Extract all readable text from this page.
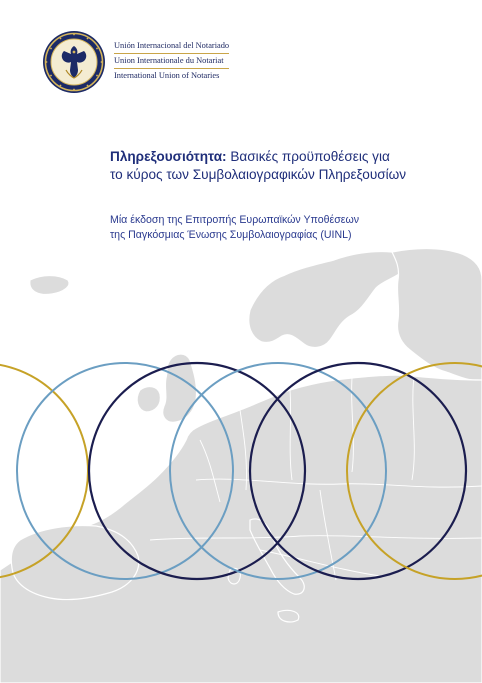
Unión Internacional del Notariado
Union Internationale du Notariat
International Union of Notaries
Πληρεξουσιότητα: Βασικές προϋποθέσεις για
το κύρος των Συμβολαιογραφικών Πληρεξουσίων
Μία έκδοση της Επιτροπής Ευρωπαϊκών Υποθέσεων
της Παγκόσμιας Ένωσης Συμβολαιογραφίας (UINL)
